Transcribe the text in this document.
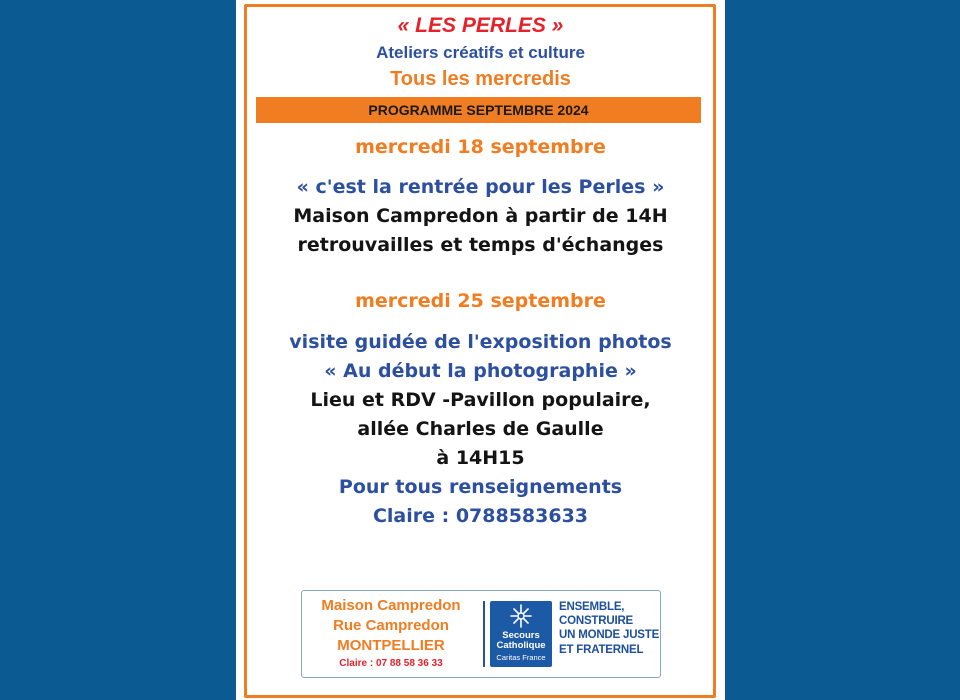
« LES PERLES »
Ateliers créatifs et culture
Tous les mercredis
PROGRAMME SEPTEMBRE 2024
mercredi 18 septembre
« c'est la rentrée pour les Perles »
Maison Campredon à partir de 14H
retrouvailles et temps d'échanges
mercredi 25 septembre
visite guidée de l'exposition photos
« Au début la photographie »
Lieu et RDV -Pavillon populaire,
allée Charles de Gaulle
à 14H15
Pour tous renseignements
Claire : 0788583633
Maison Campredon
Rue Campredon
MONTPELLIER
Claire : 07 88 58 36 33
Secours
Catholique
Caritas France
ENSEMBLE,
CONSTRUIRE
UN MONDE JUSTE
ET FRATERNEL
